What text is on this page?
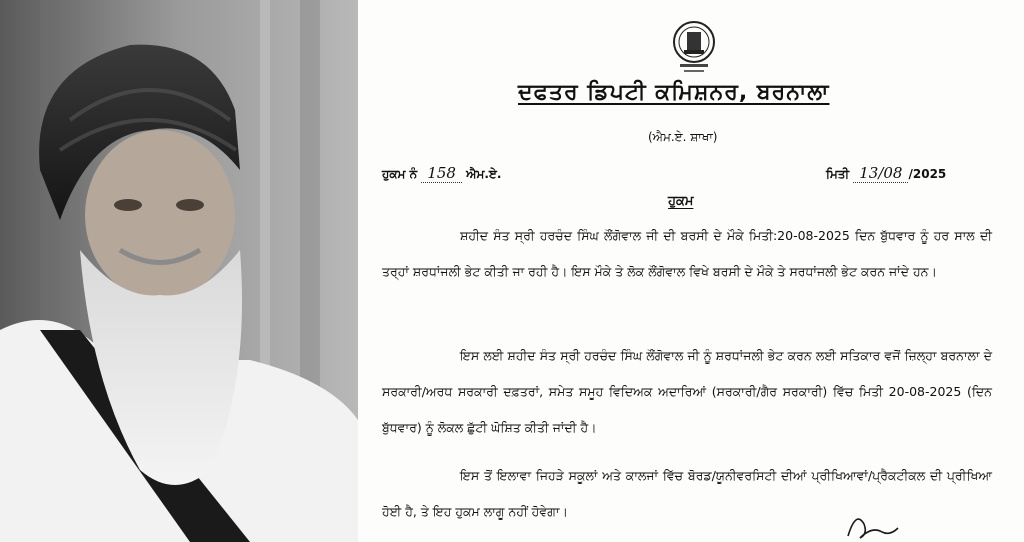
ਦਫਤਰ ਡਿਪਟੀ ਕਮਿਸ਼ਨਰ, ਬਰਨਾਲਾ
(ਐਮ.ਏ. ਸ਼ਾਖਾ)
ਹੁਕਮ ਨੰ 158 ਐਮ.ਏ.	ਮਿਤੀ 13/08 /2025
ਹੁਕਮ
ਸ਼ਹੀਦ ਸੰਤ ਸ੍ਰੀ ਹਰਚੰਦ ਸਿੰਘ ਲੌਂਗੋਵਾਲ ਜੀ ਦੀ ਬਰਸੀ ਦੇ ਮੌਕੇ ਮਿਤੀ:20-08-2025 ਦਿਨ ਬੁੱਧਵਾਰ ਨੂੰ ਹਰ ਸਾਲ ਦੀ ਤਰ੍ਹਾਂ ਸ਼ਰਧਾਂਜਲੀ ਭੇਟ ਕੀਤੀ ਜਾ ਰਹੀ ਹੈ। ਇਸ ਮੌਕੇ ਤੇ ਲੋਕ ਲੌਂਗੋਵਾਲ ਵਿਖੇ ਬਰਸੀ ਦੇ ਮੌਕੇ ਤੇ ਸਰਧਾਂਜਲੀ ਭੇਟ ਕਰਨ ਜਾਂਦੇ ਹਨ।
ਇਸ ਲਈ ਸ਼ਹੀਦ ਸੰਤ ਸ੍ਰੀ ਹਰਚੰਦ ਸਿੰਘ ਲੌਂਗੋਵਾਲ ਜੀ ਨੂੰ ਸ਼ਰਧਾਂਜਲੀ ਭੇਟ ਕਰਨ ਲਈ ਸਤਿਕਾਰ ਵਜੋਂ ਜ਼ਿਲ੍ਹਾ ਬਰਨਾਲਾ ਦੇ ਸਰਕਾਰੀ/ਅਰਧ ਸਰਕਾਰੀ ਦਫ਼ਤਰਾਂ, ਸਮੇਤ ਸਮੂਹ ਵਿਦਿਅਕ ਅਦਾਰਿਆਂ (ਸਰਕਾਰੀ/ਗੈਰ ਸਰਕਾਰੀ) ਵਿੱਚ ਮਿਤੀ 20-08-2025 (ਦਿਨ ਬੁੱਧਵਾਰ) ਨੂੰ ਲੋਕਲ ਛੁੱਟੀ ਘੋਸ਼ਿਤ ਕੀਤੀ ਜਾਂਦੀ ਹੈ।
ਇਸ ਤੋਂ ਇਲਾਵਾ ਜਿਹੜੇ ਸਕੂਲਾਂ ਅਤੇ ਕਾਲਜਾਂ ਵਿੱਚ ਬੋਰਡ/ਯੂਨੀਵਰਸਿਟੀ ਦੀਆਂ ਪ੍ਰੀਖਿਆਵਾਂ/ਪ੍ਰੈਕਟੀਕਲ ਦੀ ਪ੍ਰੀਖਿਆ ਹੋਈ ਹੈ, ਤੇ ਇਹ ਹੁਕਮ ਲਾਗੂ ਨਹੀਂ ਹੋਵੇਗਾ।
